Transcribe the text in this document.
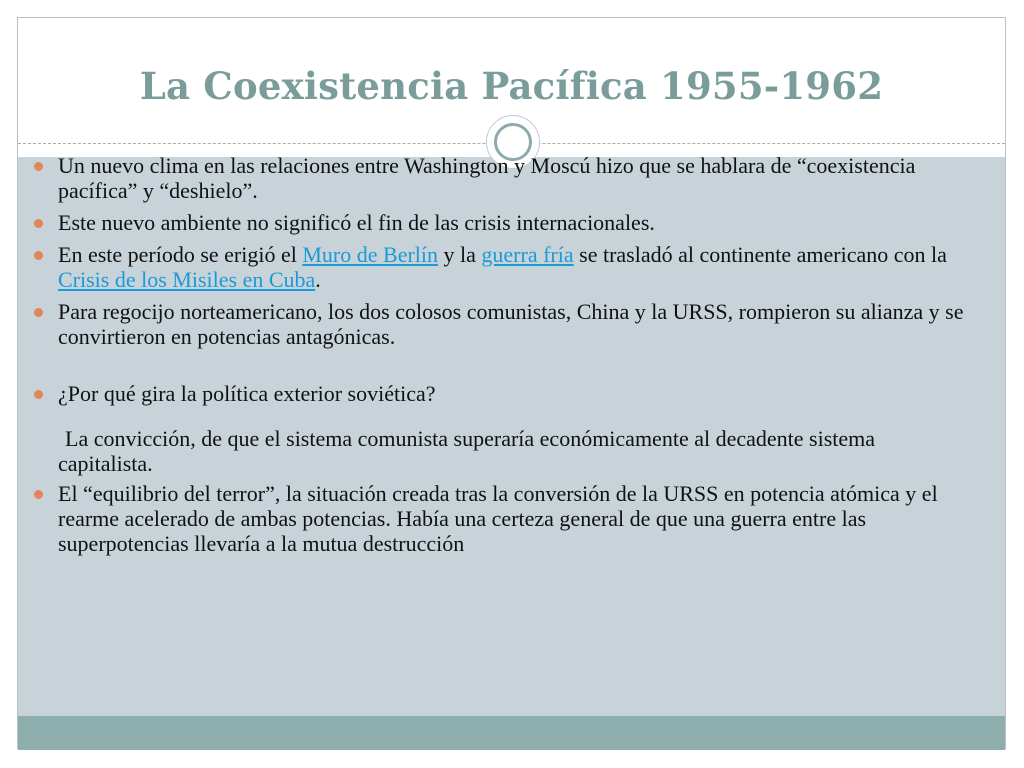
La Coexistencia Pacífica 1955-1962
Un nuevo clima en las relaciones entre Washington y Moscú hizo que se hablara de “coexistencia pacífica” y “deshielo”.
Este nuevo ambiente no significó el fin de las crisis internacionales.
En este período se erigió el Muro de Berlín y la guerra fría se trasladó al continente americano con la Crisis de los Misiles en Cuba.
Para regocijo norteamericano, los dos colosos comunistas, China y la URSS, rompieron su alianza y se convirtieron en potencias antagónicas.
¿Por qué gira la política exterior soviética?
La convicción, de que el sistema comunista superaría económicamente al decadente sistema capitalista.
El “equilibrio del terror”, la situación creada tras la conversión de la URSS en potencia atómica y el rearme acelerado de ambas potencias. Había una certeza general de que una guerra entre las superpotencias llevaría a la mutua destrucción
